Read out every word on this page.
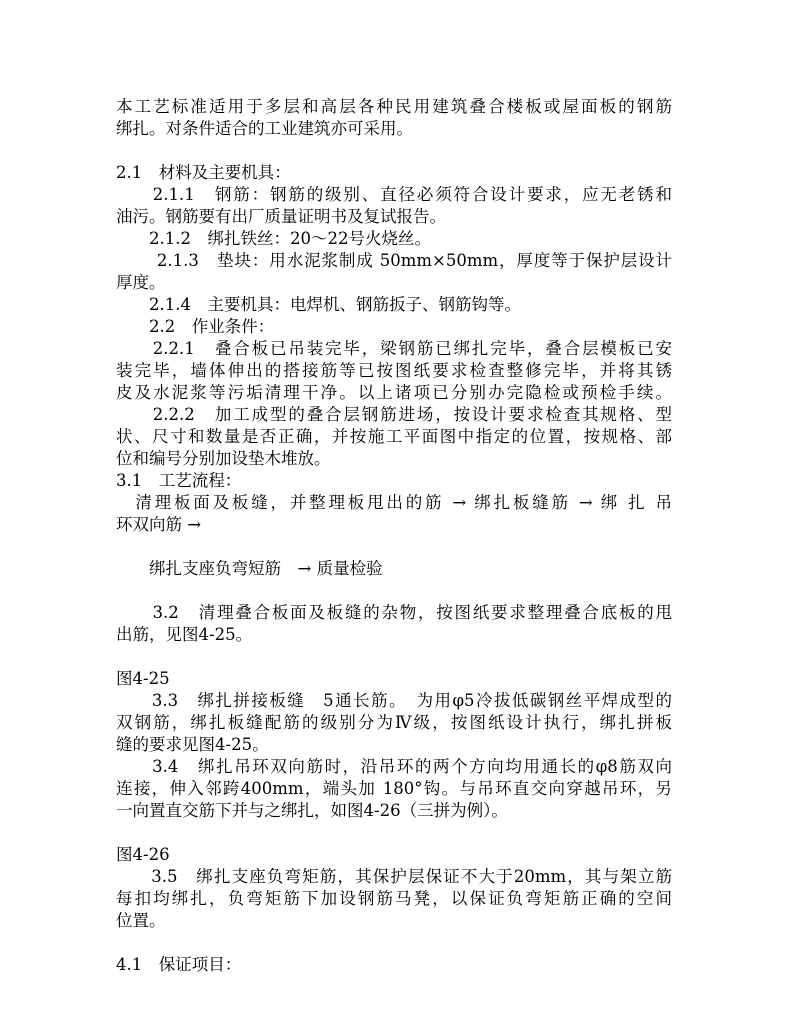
本工艺标准适用于多层和高层各种民用建筑叠合楼板或屋面板的钢筋
绑扎。对条件适合的工业建筑亦可采用。
2.1　材料及主要机具：
　　2.1.1　钢筋：钢筋的级别、直径必须符合设计要求，应无老锈和
油污。钢筋要有出厂质量证明书及复试报告。
　　2.1.2　绑扎铁丝：20～22号火烧丝。
　　 2.1.3　垫块：用水泥浆制成 50mm×50mm，厚度等于保护层设计
厚度。
　　2.1.4　主要机具：电焊机、钢筋扳子、钢筋钩等。
　　2.2　作业条件：
　　2.2.1　叠合板已吊装完毕，梁钢筋已绑扎完毕，叠合层模板已安
装完毕，墙体伸出的搭接筋等已按图纸要求检查整修完毕，并将其锈
皮及水泥浆等污垢清理干净。以上诸项已分别办完隐检或预检手续。
　　2.2.2　加工成型的叠合层钢筋进场，按设计要求检查其规格、型
状、尺寸和数量是否正确，并按施工平面图中指定的位置，按规格、部
位和编号分别加设垫木堆放。
3.1　工艺流程：
　清理板面及板缝，并整理板甩出的筋 → 绑扎板缝筋 → 绑 扎 吊
环双向筋 →
　　绑扎支座负弯短筋　→ 质量检验
　　3.2　清理叠合板面及板缝的杂物，按图纸要求整理叠合底板的甩
出筋，见图4-25。
图4-25
　　3.3　绑扎拼接板缝　5通长筋。　为用φ5冷拔低碳钢丝平焊成型的
双钢筋，绑扎板缝配筋的级别分为Ⅳ级，按图纸设计执行，绑扎拼板
缝的要求见图4-25。
　　3.4　绑扎吊环双向筋时，沿吊环的两个方向均用通长的φ8筋双向
连接，伸入邻跨400mm，端头加 180°钩。与吊环直交向穿越吊环，另
一向置直交筋下并与之绑扎，如图4-26（三拼为例）。
图4-26
　　3.5　绑扎支座负弯矩筋，其保护层保证不大于20mm，其与架立筋
每扣均绑扎，负弯矩筋下加设钢筋马凳，以保证负弯矩筋正确的空间
位置。
4.1　保证项目：
